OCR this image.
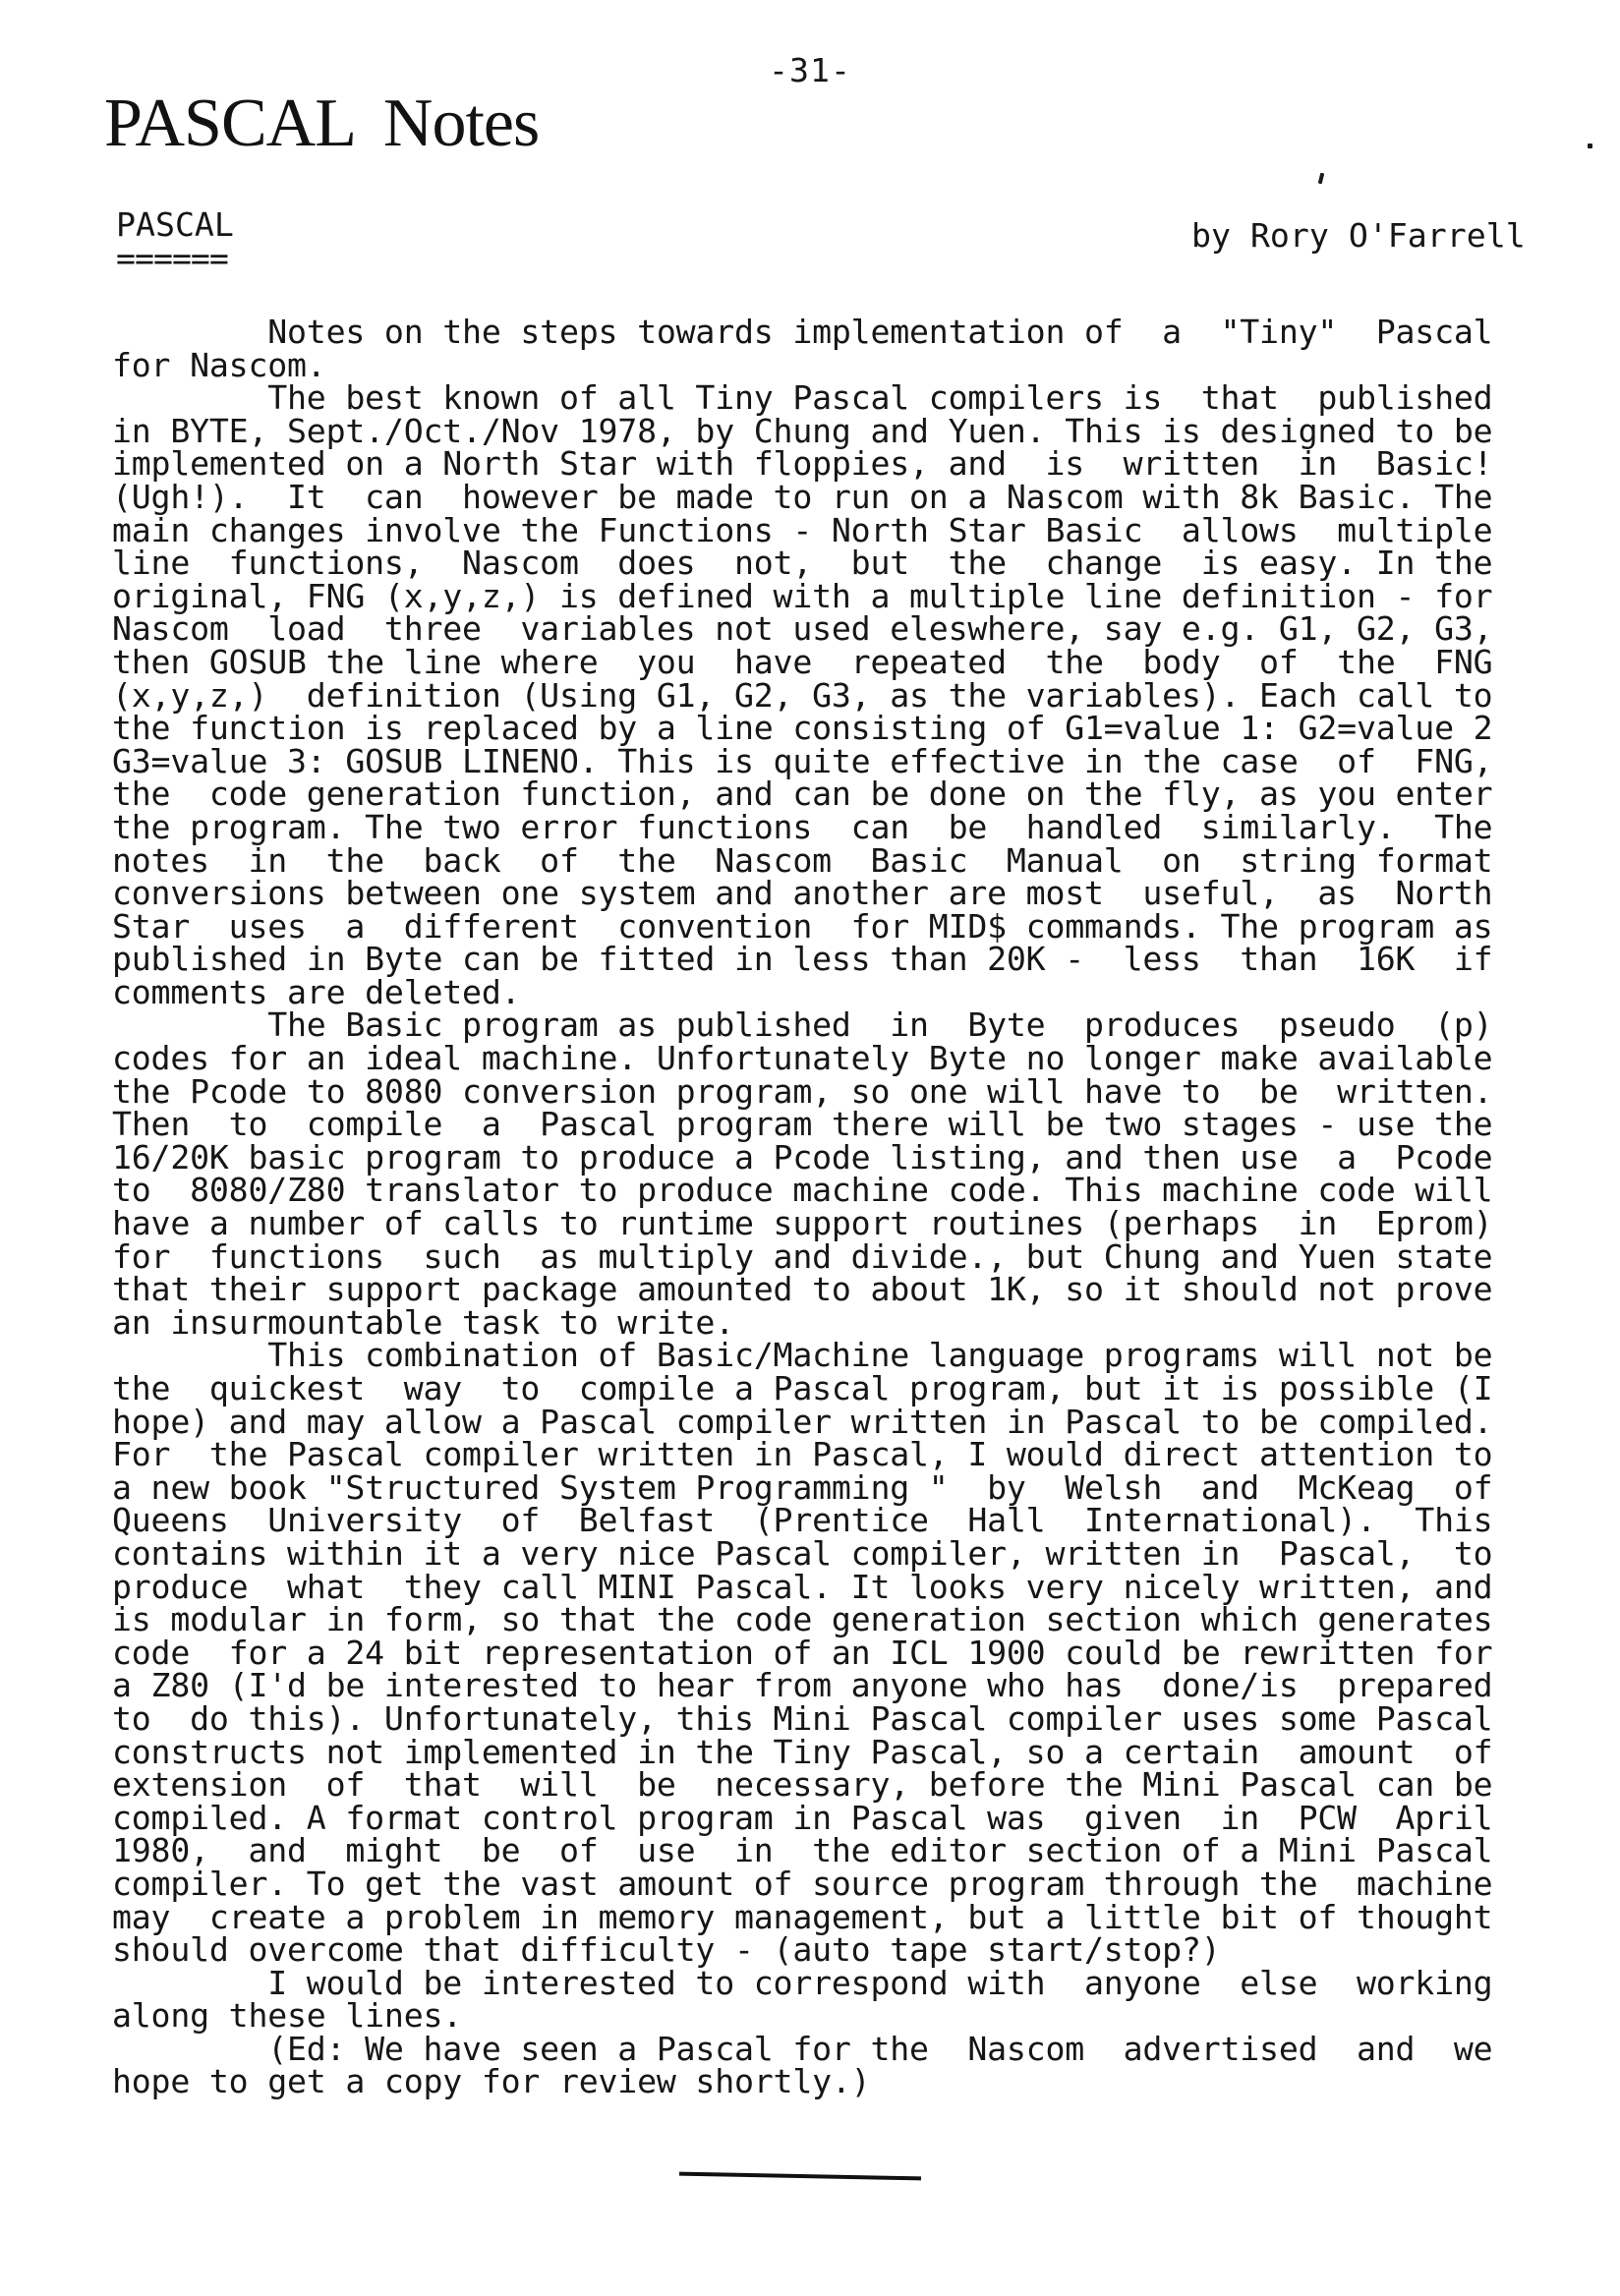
-31-
PASCAL Notes
PASCAL
======
by Rory O'Farrell
Notes on the steps towards implementation of  a  "Tiny"  Pascal
for Nascom.
The best known of all Tiny Pascal compilers is  that  published
in BYTE, Sept./Oct./Nov 1978, by Chung and Yuen. This is designed to be
implemented on a North Star with floppies, and  is  written  in  Basic!
(Ugh!).  It  can  however be made to run on a Nascom with 8k Basic. The
main changes involve the Functions - North Star Basic  allows  multiple
line  functions,  Nascom  does  not,  but  the  change  is easy. In the
original, FNG (x,y,z,) is defined with a multiple line definition - for
Nascom  load  three  variables not used eleswhere, say e.g. G1, G2, G3,
then GOSUB the line where  you  have  repeated  the  body  of  the  FNG
(x,y,z,)  definition (Using G1, G2, G3, as the variables). Each call to
the function is replaced by a line consisting of G1=value 1: G2=value 2
G3=value 3: GOSUB LINENO. This is quite effective in the case  of  FNG,
the  code generation function, and can be done on the fly, as you enter
the program. The two error functions  can  be  handled  similarly.  The
notes  in  the  back  of  the  Nascom  Basic  Manual  on  string format
conversions between one system and another are most  useful,  as  North
Star  uses  a  different  convention  for MID$ commands. The program as
published in Byte can be fitted in less than 20K -  less  than  16K  if
comments are deleted.
The Basic program as published  in  Byte  produces  pseudo  (p)
codes for an ideal machine. Unfortunately Byte no longer make available
the Pcode to 8080 conversion program, so one will have to  be  written.
Then  to  compile  a  Pascal program there will be two stages - use the
16/20K basic program to produce a Pcode listing, and then use  a  Pcode
to  8080/Z80 translator to produce machine code. This machine code will
have a number of calls to runtime support routines (perhaps  in  Eprom)
for  functions  such  as multiply and divide., but Chung and Yuen state
that their support package amounted to about 1K, so it should not prove
an insurmountable task to write.
This combination of Basic/Machine language programs will not be
the  quickest  way  to  compile a Pascal program, but it is possible (I
hope) and may allow a Pascal compiler written in Pascal to be compiled.
For  the Pascal compiler written in Pascal, I would direct attention to
a new book "Structured System Programming "  by  Welsh  and  McKeag  of
Queens  University  of  Belfast  (Prentice  Hall  International).  This
contains within it a very nice Pascal compiler, written in  Pascal,  to
produce  what  they call MINI Pascal. It looks very nicely written, and
is modular in form, so that the code generation section which generates
code  for a 24 bit representation of an ICL 1900 could be rewritten for
a Z80 (I'd be interested to hear from anyone who has  done/is  prepared
to  do this). Unfortunately, this Mini Pascal compiler uses some Pascal
constructs not implemented in the Tiny Pascal, so a certain  amount  of
extension  of  that  will  be  necessary, before the Mini Pascal can be
compiled. A format control program in Pascal was  given  in  PCW  April
1980,  and  might  be  of  use  in  the editor section of a Mini Pascal
compiler. To get the vast amount of source program through the  machine
may  create a problem in memory management, but a little bit of thought
should overcome that difficulty - (auto tape start/stop?)
I would be interested to correspond with  anyone  else  working
along these lines.
(Ed: We have seen a Pascal for the  Nascom  advertised  and  we
hope to get a copy for review shortly.)
